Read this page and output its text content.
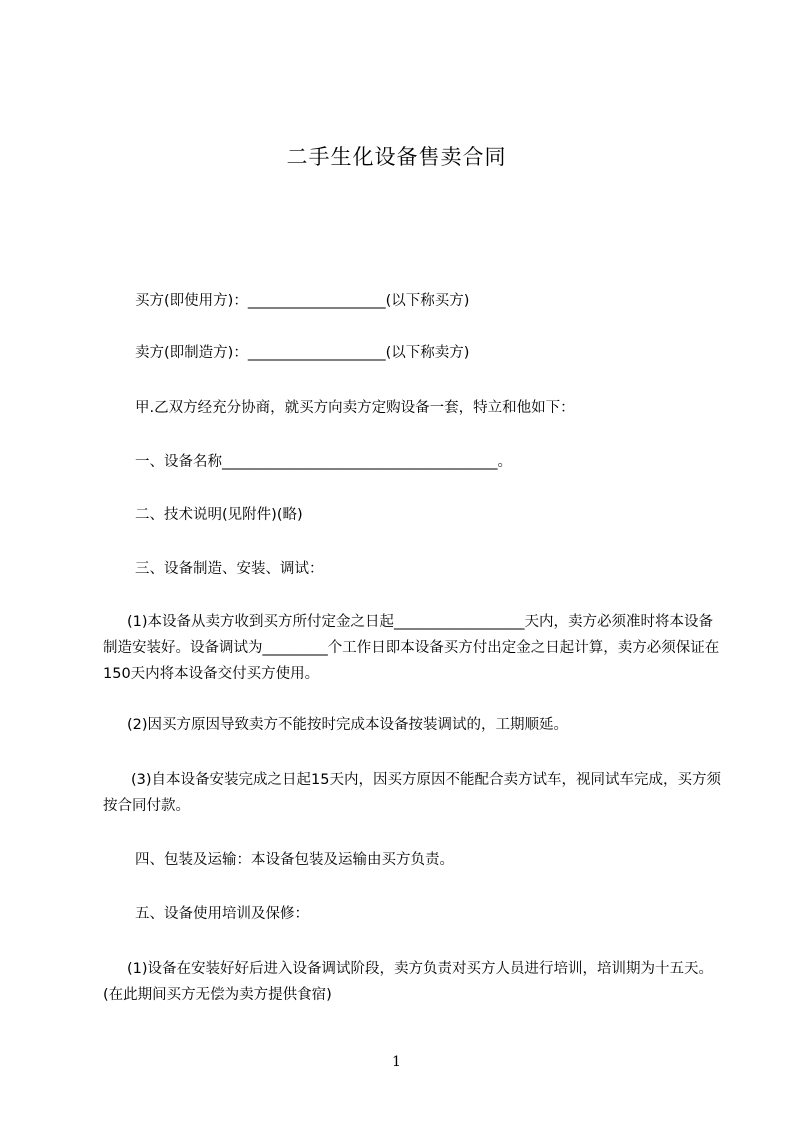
二手生化设备售卖合同
买方(即使用方)：___________________(以下称买方)
卖方(即制造方)：___________________(以下称卖方)
甲.乙双方经充分协商，就买方向卖方定购设备一套，特立和他如下：
一、设备名称______________________________________。
二、技术说明(见附件)(略)
三、设备制造、安装、调试：
(1)本设备从卖方收到买方所付定金之日起__________________天内，卖方必须准时将本设备制造安装好。设备调试为_________个工作日即本设备买方付出定金之日起计算，卖方必须保证在150天内将本设备交付买方使用。
(2)因买方原因导致卖方不能按时完成本设备按装调试的，工期顺延。
(3)自本设备安装完成之日起15天内，因买方原因不能配合卖方试车，视同试车完成，买方须按合同付款。
四、包装及运输：本设备包装及运输由买方负责。
五、设备使用培训及保修：
(1)设备在安装好好后进入设备调试阶段，卖方负责对买方人员进行培训，培训期为十五天。(在此期间买方无偿为卖方提供食宿)
1
